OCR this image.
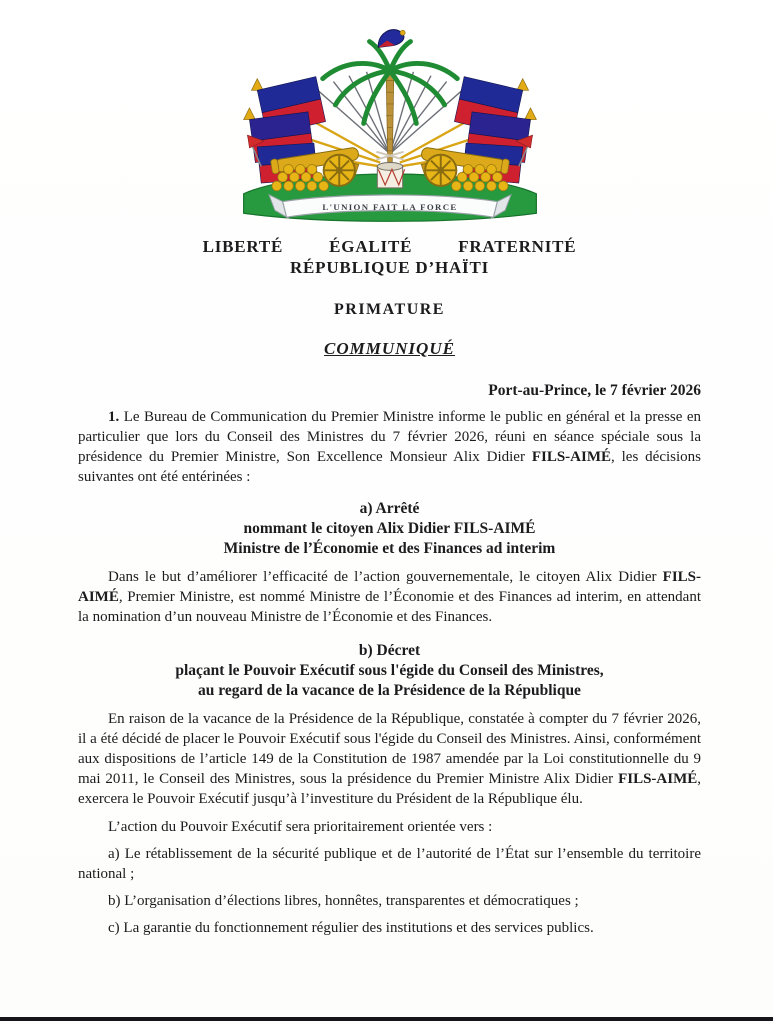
L'UNION FAIT LA FORCE
LIBERTÉ	ÉGALITÉ	FRATERNITÉ
RÉPUBLIQUE D’HAÏTI
PRIMATURE
COMMUNIQUÉ
Port-au-Prince, le 7 février 2026

1. Le Bureau de Communication du Premier Ministre informe le public en général et la presse en particulier que lors du Conseil des Ministres du 7 février 2026, réuni en séance spéciale sous la présidence du Premier Ministre, Son Excellence Monsieur Alix Didier FILS-AIMÉ, les décisions suivantes ont été entérinées :

a) Arrêté
nommant le citoyen Alix Didier FILS-AIMÉ
Ministre de l’Économie et des Finances ad interim

Dans le but d’améliorer l’efficacité de l’action gouvernementale, le citoyen Alix Didier FILS-AIMÉ, Premier Ministre, est nommé Ministre de l’Économie et des Finances ad interim, en attendant la nomination d’un nouveau Ministre de l’Économie et des Finances.

b) Décret
plaçant le Pouvoir Exécutif sous l'égide du Conseil des Ministres,
au regard de la vacance de la Présidence de la République

En raison de la vacance de la Présidence de la République, constatée à compter du 7 février 2026, il a été décidé de placer le Pouvoir Exécutif sous l'égide du Conseil des Ministres. Ainsi, conformément aux dispositions de l’article 149 de la Constitution de 1987 amendée par la Loi constitutionnelle du 9 mai 2011, le Conseil des Ministres, sous la présidence du Premier Ministre Alix Didier FILS-AIMÉ, exercera le Pouvoir Exécutif jusqu’à l’investiture du Président de la République élu.

L’action du Pouvoir Exécutif sera prioritairement orientée vers :

a) Le rétablissement de la sécurité publique et de l’autorité de l’État sur l’ensemble du territoire national ;

b) L’organisation d’élections libres, honnêtes, transparentes et démocratiques ;

c) La garantie du fonctionnement régulier des institutions et des services publics.
